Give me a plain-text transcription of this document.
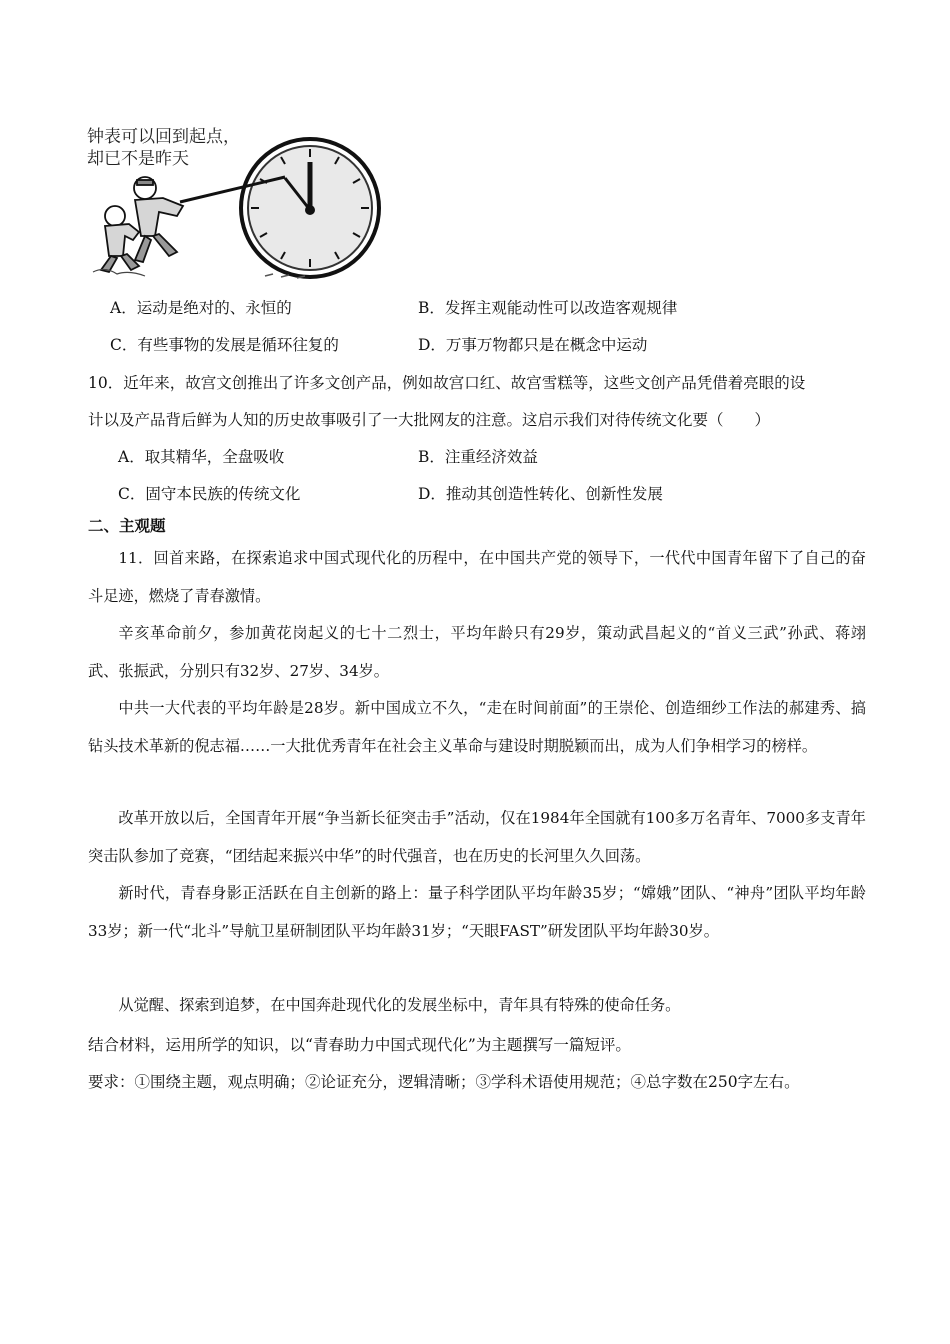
钟表可以回到起点，
却已不是昨天
A．运动是绝对的、永恒的	B．发挥主观能动性可以改造客观规律
C．有些事物的发展是循环往复的	D．万事万物都只是在概念中运动
10．近年来，故宫文创推出了许多文创产品，例如故宫口红、故宫雪糕等，这些文创产品凭借着亮眼的设
计以及产品背后鲜为人知的历史故事吸引了一大批网友的注意。这启示我们对待传统文化要（　　）
A．取其精华，全盘吸收	B．注重经济效益
C．固守本民族的传统文化	D．推动其创造性转化、创新性发展
二、主观题
11．回首来路，在探索追求中国式现代化的历程中，在中国共产党的领导下，一代代中国青年留下了自己的奋斗足迹，燃烧了青春激情。
辛亥革命前夕，参加黄花岗起义的七十二烈士，平均年龄只有29岁，策动武昌起义的“首义三武”孙武、蒋翊武、张振武，分别只有32岁、27岁、34岁。
中共一大代表的平均年龄是28岁。新中国成立不久，“走在时间前面”的王崇伦、创造细纱工作法的郝建秀、搞钻头技术革新的倪志福……一大批优秀青年在社会主义革命与建设时期脱颖而出，成为人们争相学习的榜样。
改革开放以后，全国青年开展“争当新长征突击手”活动，仅在1984年全国就有100多万名青年、7000多支青年突击队参加了竞赛，“团结起来振兴中华”的时代强音，也在历史的长河里久久回荡。
新时代，青春身影正活跃在自主创新的路上：量子科学团队平均年龄35岁；“嫦娥”团队、“神舟”团队平均年龄33岁；新一代“北斗”导航卫星研制团队平均年龄31岁；“天眼FAST”研发团队平均年龄30岁。
从觉醒、探索到追梦，在中国奔赴现代化的发展坐标中，青年具有特殊的使命任务。
结合材料，运用所学的知识，以“青春助力中国式现代化”为主题撰写一篇短评。
要求：①围绕主题，观点明确；②论证充分，逻辑清晰；③学科术语使用规范；④总字数在250字左右。
